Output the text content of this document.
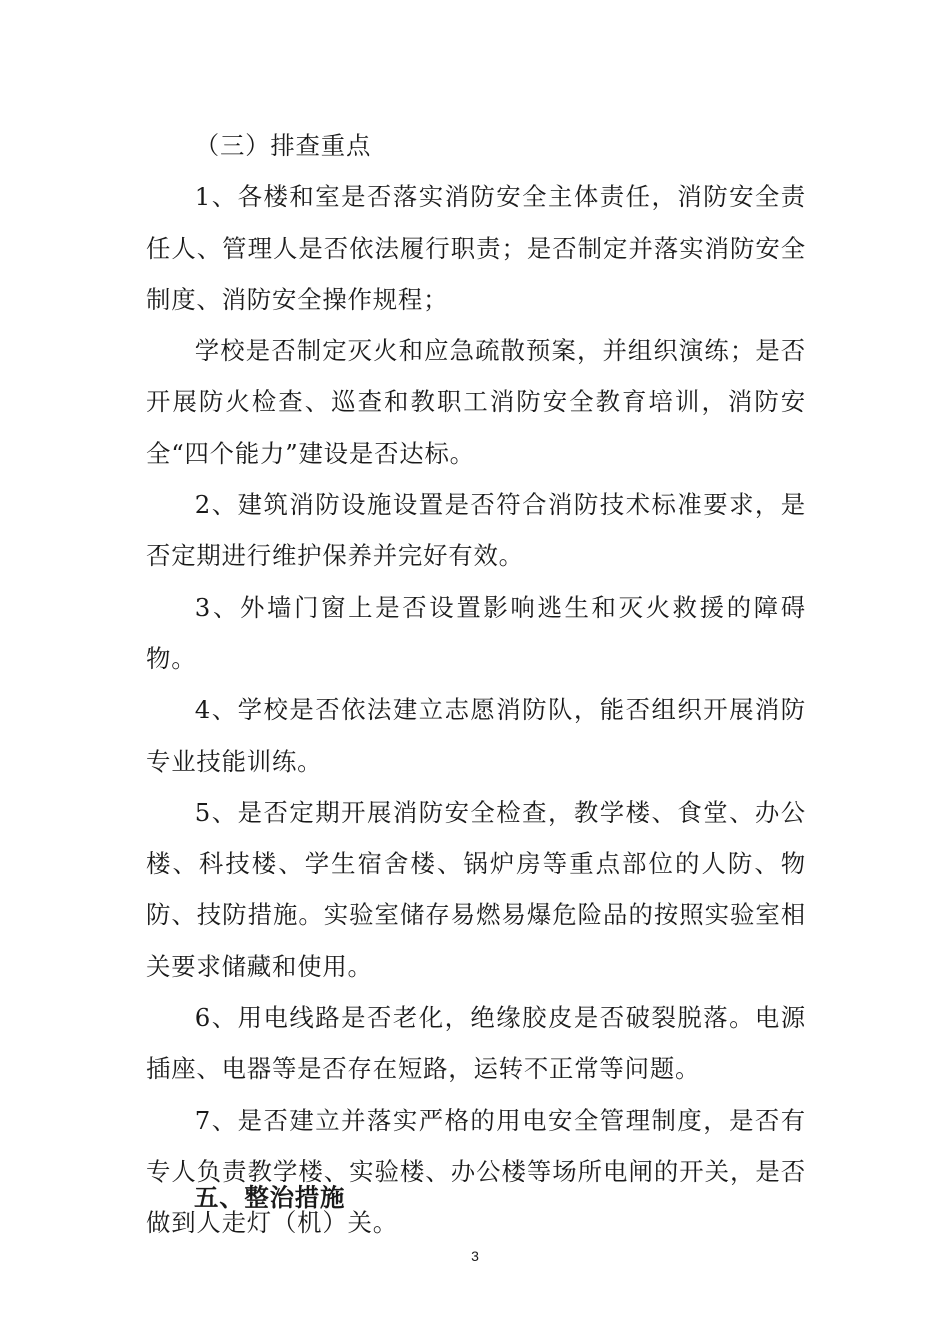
（三）排查重点

1、各楼和室是否落实消防安全主体责任，消防安全责任人、管理人是否依法履行职责；是否制定并落实消防安全制度、消防安全操作规程；

学校是否制定灭火和应急疏散预案，并组织演练；是否开展防火检查、巡查和教职工消防安全教育培训，消防安全“四个能力”建设是否达标。

2、建筑消防设施设置是否符合消防技术标准要求，是否定期进行维护保养并完好有效。

3、外墙门窗上是否设置影响逃生和灭火救援的障碍物。

4、学校是否依法建立志愿消防队，能否组织开展消防专业技能训练。

5、是否定期开展消防安全检查，教学楼、食堂、办公楼、科技楼、学生宿舍楼、锅炉房等重点部位的人防、物防、技防措施。实验室储存易燃易爆危险品的按照实验室相关要求储藏和使用。

6、用电线路是否老化，绝缘胶皮是否破裂脱落。电源插座、电器等是否存在短路，运转不正常等问题。

7、是否建立并落实严格的用电安全管理制度，是否有专人负责教学楼、实验楼、办公楼等场所电闸的开关，是否做到人走灯（机）关。

五、整治措施
3
